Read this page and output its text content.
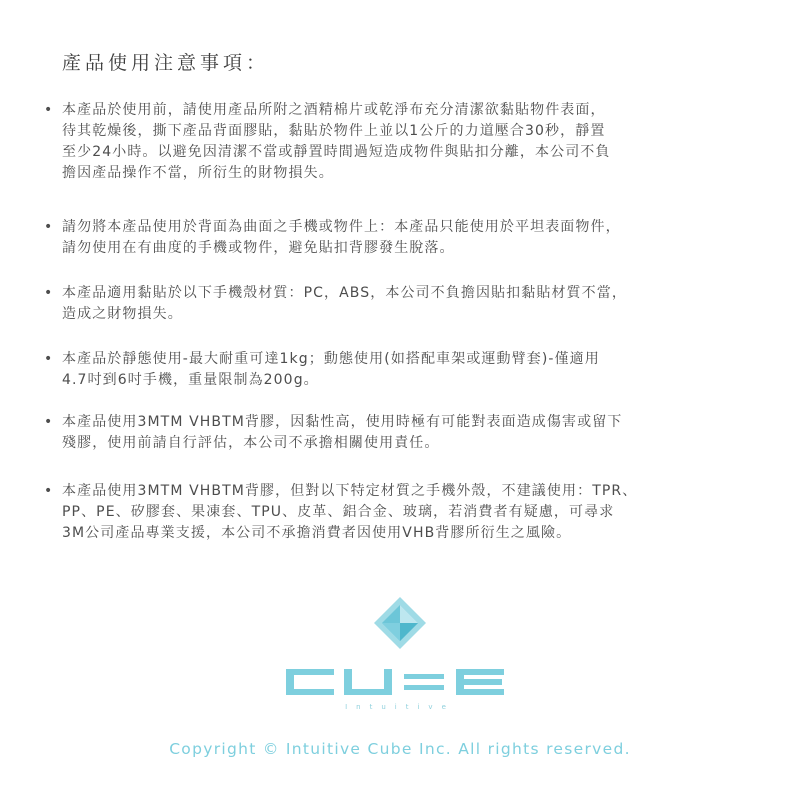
產品使用注意事項：
• 本產品於使用前，請使用產品所附之酒精棉片或乾淨布充分清潔欲黏貼物件表面，
待其乾燥後，撕下產品背面膠貼，黏貼於物件上並以1公斤的力道壓合30秒，靜置
至少24小時。以避免因清潔不當或靜置時間過短造成物件與貼扣分離，本公司不負
擔因產品操作不當，所衍生的財物損失。
• 請勿將本產品使用於背面為曲面之手機或物件上：本產品只能使用於平坦表面物件，
請勿使用在有曲度的手機或物件，避免貼扣背膠發生脫落。
• 本產品適用黏貼於以下手機殼材質：PC，ABS，本公司不負擔因貼扣黏貼材質不當，
造成之財物損失。
• 本產品於靜態使用-最大耐重可達1kg；動態使用(如搭配車架或運動臂套)-僅適用
4.7吋到6吋手機，重量限制為200g。
• 本產品使用3MTM VHBTM背膠，因黏性高，使用時極有可能對表面造成傷害或留下
殘膠，使用前請自行評估，本公司不承擔相關使用責任。
• 本產品使用3MTM VHBTM背膠，但對以下特定材質之手機外殼，不建議使用：TPR、
PP、PE、矽膠套、果凍套、TPU、皮革、鋁合金、玻璃，若消費者有疑慮，可尋求
3M公司產品專業支援，本公司不承擔消費者因使用VHB背膠所衍生之風險。
Intuitive
Copyright © Intuitive Cube Inc. All rights reserved.
